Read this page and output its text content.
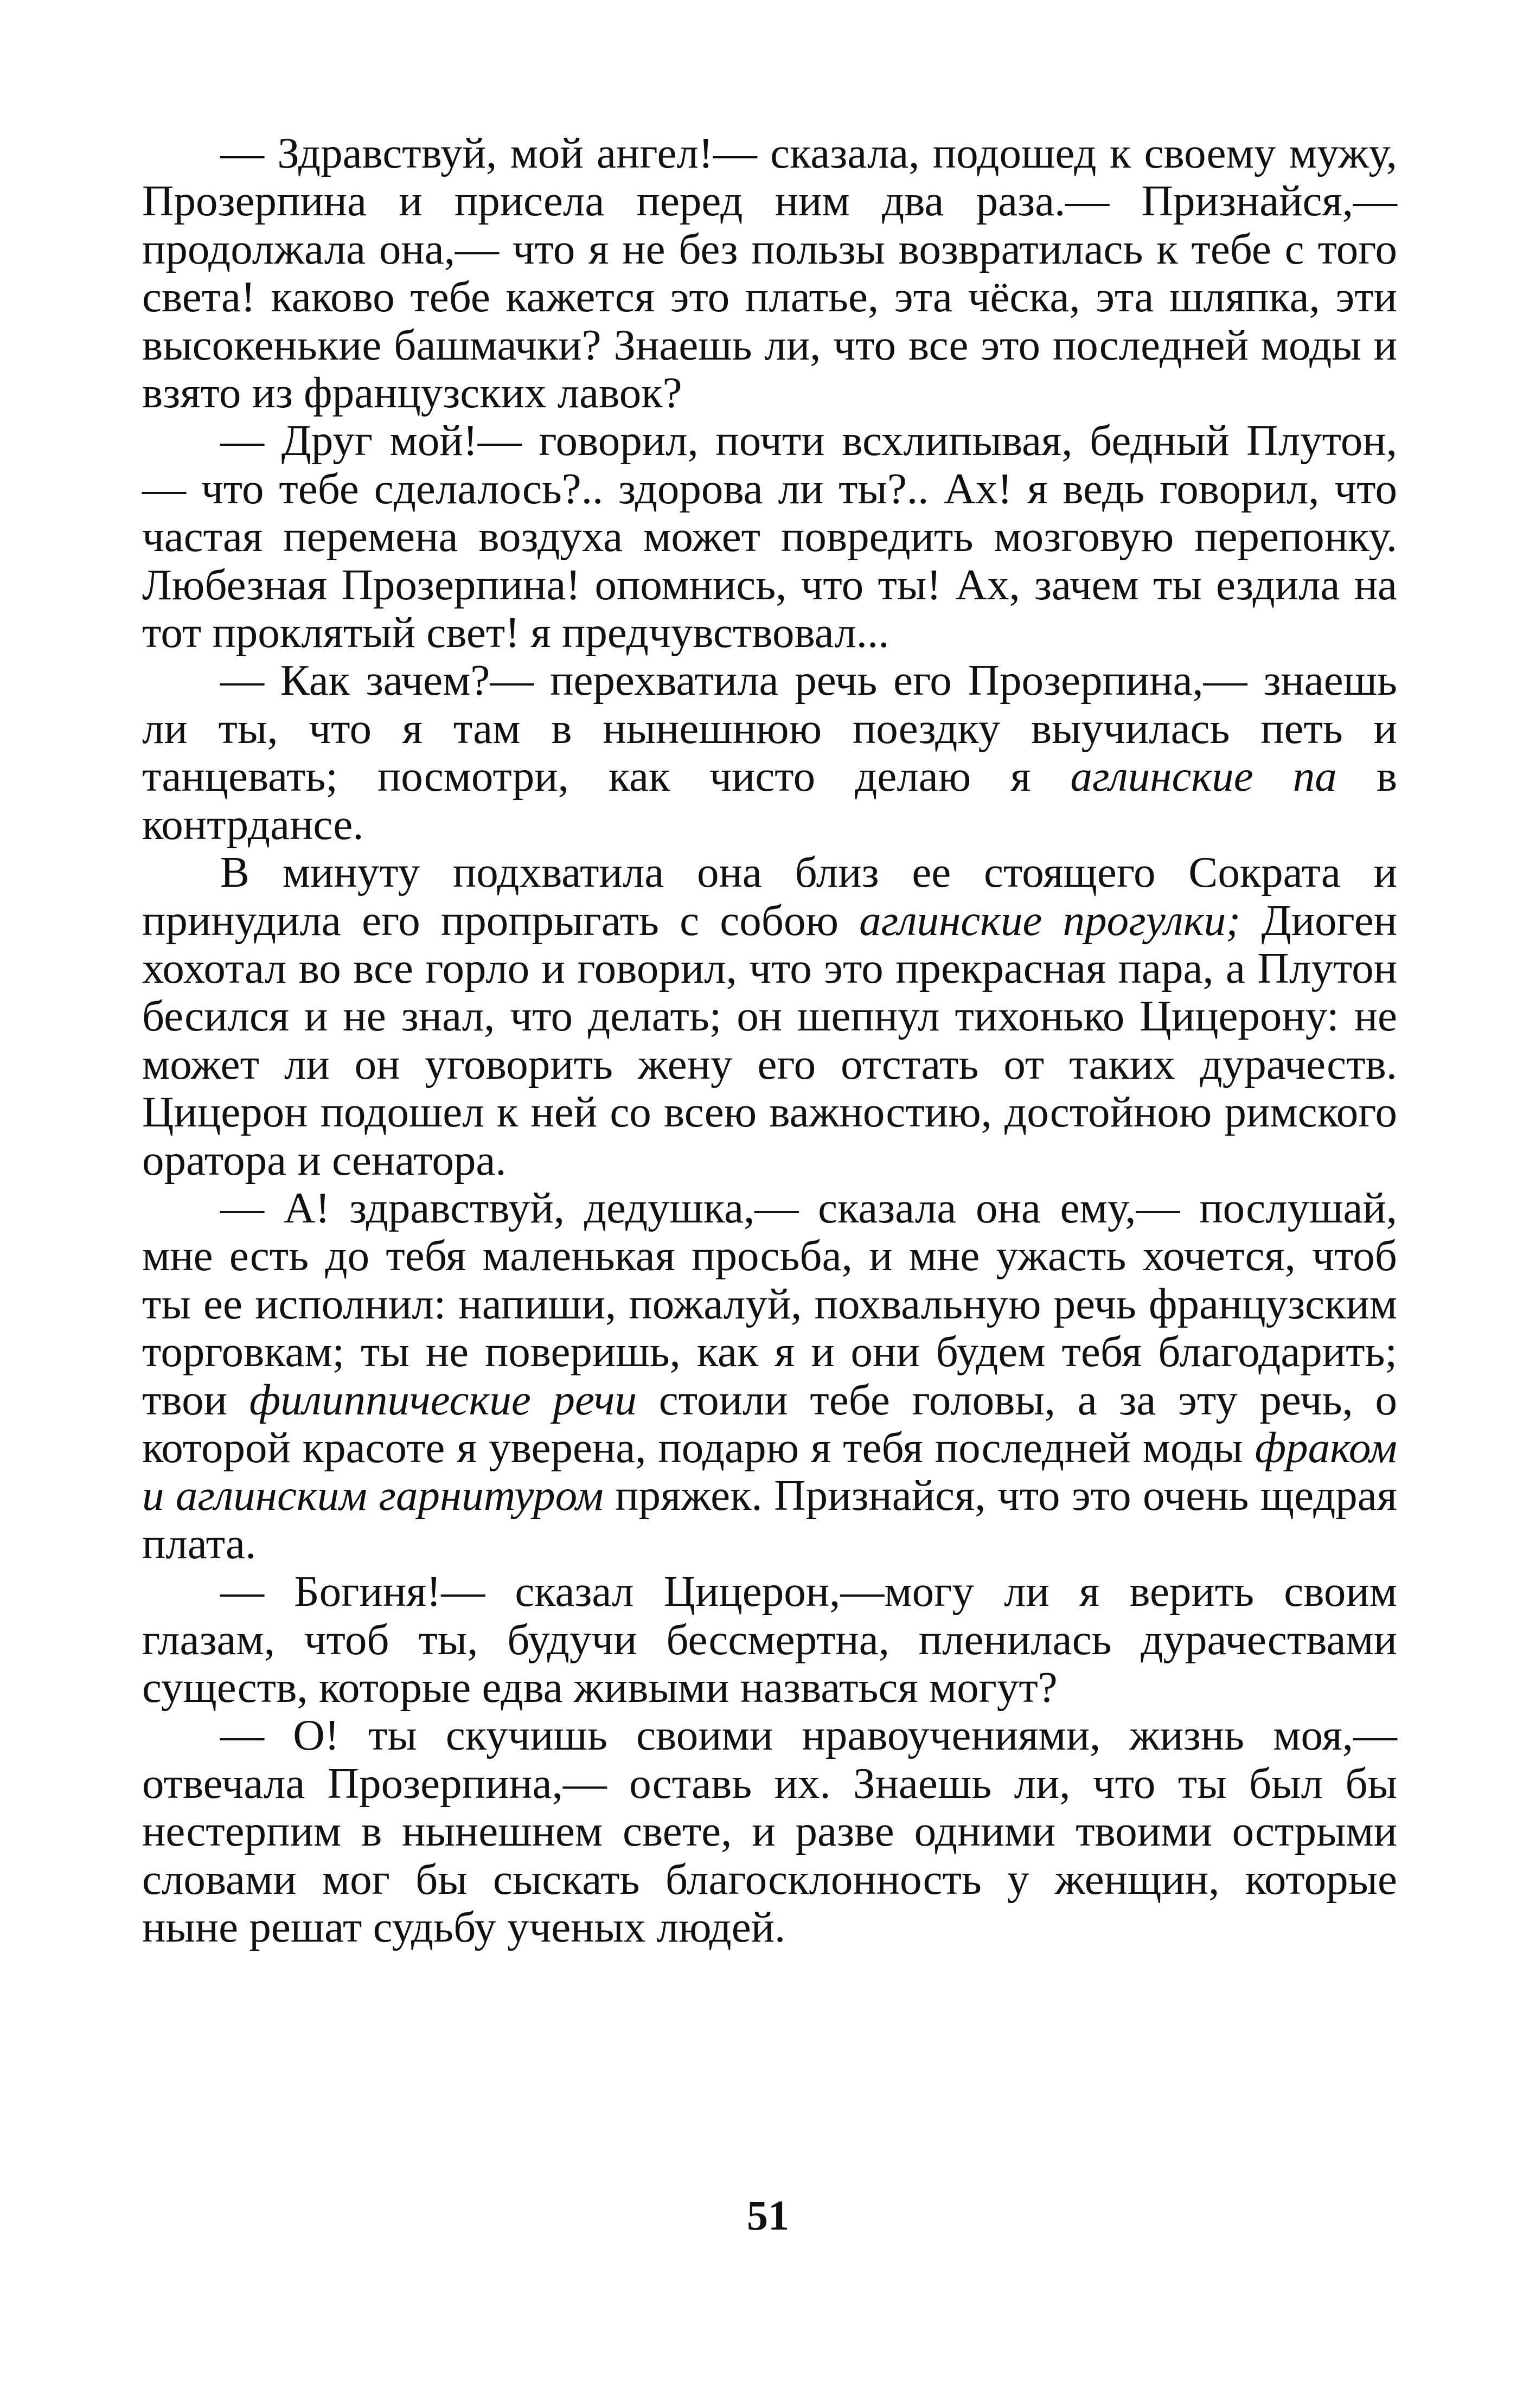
— Здравствуй, мой ангел!— сказала, подошед к своему мужу, Прозерпина и присела перед ним два раза.— Признайся,— продолжала она,— что я не без пользы возвратилась к тебе с того света! каково тебе кажется это платье, эта чёска, эта шляпка, эти высокенькие башмачки? Знаешь ли, что все это последней моды и взято из французских лавок?

— Друг мой!— говорил, почти всхлипывая, бедный Плутон,— что тебе сделалось?.. здорова ли ты?.. Ах! я ведь говорил, что частая перемена воздуха может повредить мозговую перепонку. Любезная Прозерпина! опомнись, что ты! Ах, зачем ты ездила на тот проклятый свет! я предчувствовал...

— Как зачем?— перехватила речь его Прозерпина,— знаешь ли ты, что я там в нынешнюю поездку выучилась петь и танцевать; посмотри, как чисто делаю я аглинские па в контрдансе.

В минуту подхватила она близ ее стоящего Сократа и принудила его пропрыгать с собою аглинские прогулки; Диоген хохотал во все горло и говорил, что это прекрасная пара, а Плутон бесился и не знал, что делать; он шепнул тихонько Цицерону: не может ли он уговорить жену его отстать от таких дурачеств. Цицерон подошел к ней со всею важностию, достойною римского оратора и сенатора.

— А! здравствуй, дедушка,— сказала она ему,— послушай, мне есть до тебя маленькая просьба, и мне ужасть хочется, чтоб ты ее исполнил: напиши, пожалуй, похвальную речь французским торговкам; ты не поверишь, как я и они будем тебя благодарить; твои филиппические речи стоили тебе головы, а за эту речь, о которой красоте я уверена, подарю я тебя последней моды фраком и аглинским гарнитуром пряжек. Признайся, что это очень щедрая плата.

— Богиня!— сказал Цицерон,—могу ли я верить своим глазам, чтоб ты, будучи бессмертна, пленилась дурачествами существ, которые едва живыми назваться могут?

— О! ты скучишь своими нравоучениями, жизнь моя,— отвечала Прозерпина,— оставь их. Знаешь ли, что ты был бы нестерпим в нынешнем свете, и разве одними твоими острыми словами мог бы сыскать благосклонность у женщин, которые ныне решат судьбу ученых людей.

51
